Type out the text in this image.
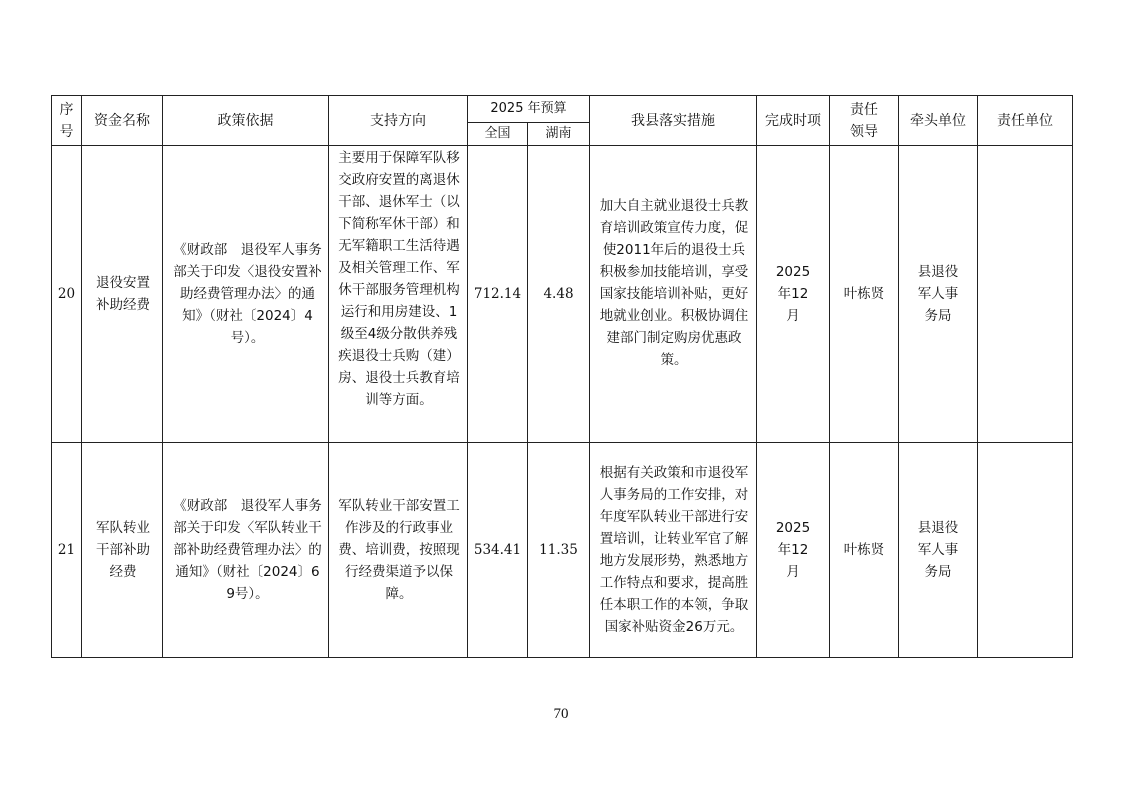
序号	资金名称	政策依据	支持方向	2025 年预算		我县落实措施	完成时项	责任领导	牵头单位	责任单位
				全国	湖南					
20	退役安置补助经费	《财政部　退役军人事务部关于印发〈退役安置补助经费管理办法〉的通知》（财社〔2024〕4号）。	主要用于保障军队移交政府安置的离退休干部、退休军士（以下简称军休干部）和无军籍职工生活待遇及相关管理工作、军休干部服务管理机构运行和用房建设、1级至4级分散供养残疾退役士兵购（建）房、退役士兵教育培训等方面。	712.14	4.48	加大自主就业退役士兵教育培训政策宣传力度，促使2011年后的退役士兵积极参加技能培训，享受国家技能培训补贴，更好地就业创业。积极协调住建部门制定购房优惠政策。	2025年12月	叶栋贤	县退役军人事务局	
21	军队转业干部补助经费	《财政部　退役军人事务部关于印发〈军队转业干部补助经费管理办法〉的通知》（财社〔2024〕69号）。	军队转业干部安置工作涉及的行政事业费、培训费，按照现行经费渠道予以保障。	534.41	11.35	根据有关政策和市退役军人事务局的工作安排，对年度军队转业干部进行安置培训，让转业军官了解地方发展形势，熟悉地方工作特点和要求，提高胜任本职工作的本领，争取国家补贴资金26万元。	2025年12月	叶栋贤	县退役军人事务局	
70
